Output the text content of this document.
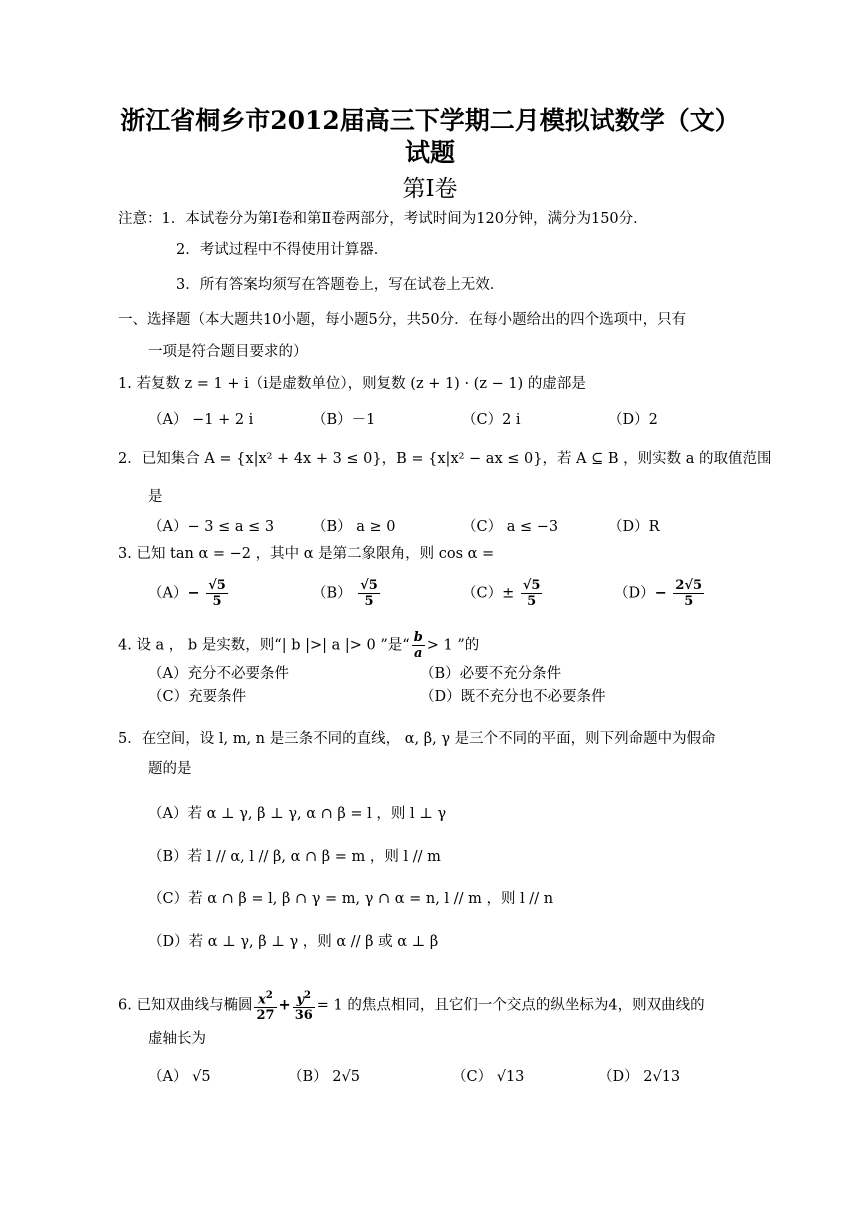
浙江省桐乡市2012届高三下学期二月模拟试数学（文）试题
第Ⅰ卷
注意：1．本试卷分为第Ⅰ卷和第Ⅱ卷两部分，考试时间为120分钟，满分为150分．
2．考试过程中不得使用计算器．
3．所有答案均须写在答题卷上，写在试卷上无效．
一、选择题（本大题共10小题，每小题5分，共50分．在每小题给出的四个选项中，只有
一项是符合题目要求的）
1. 若复数 z = 1 + i（i是虚数单位），则复数 (z + 1) · (z − 1) 的虚部是
（A） −1 + 2 i	（B）－1	（C）2 i	（D）2
2．已知集合 A = {x|x² + 4x + 3 ≤ 0}，B = {x|x² − ax ≤ 0}，若 A ⊆ B ，则实数 a 的取值范围
是
（A）− 3 ≤ a ≤ 3	（B） a ≥ 0	（C） a ≤ −3	（D）R
3. 已知 tan α = −2 ，其中 α 是第二象限角，则 cos α =
$(A)- \frac{√5}{5}$	$(B) \frac{√5}{5}$	$(C)\pm \frac{√5}{5}$	$(D)- \frac{2√5}{5}$
4. 设 a ， b 是实数，则“| b |>| a |> 0 ”是“ $\frac{b}{a} > 1$ ”的
（A）充分不必要条件	（B）必要不充分条件
（C）充要条件	（D）既不充分也不必要条件
5．在空间，设 l, m, n 是三条不同的直线， α, β, γ 是三个不同的平面，则下列命题中为假命
题的是
（A）若 α ⊥ γ, β ⊥ γ, α ∩ β = l ，则 l ⊥ γ
（B）若 l // α, l // β, α ∩ β = m ，则 l // m
（C）若 α ∩ β = l, β ∩ γ = m, γ ∩ α = n, l // m ，则 l // n
（D）若 α ⊥ γ, β ⊥ γ ，则 α // β 或 α ⊥ β
6. 已知双曲线与椭圆 $\frac{x^2}{27} + \frac{y^2}{36} = 1$ 的焦点相同，且它们一个交点的纵坐标为4，则双曲线的
虚轴长为
（A） √5	（B） 2√5	（C） √13	（D） 2√13
